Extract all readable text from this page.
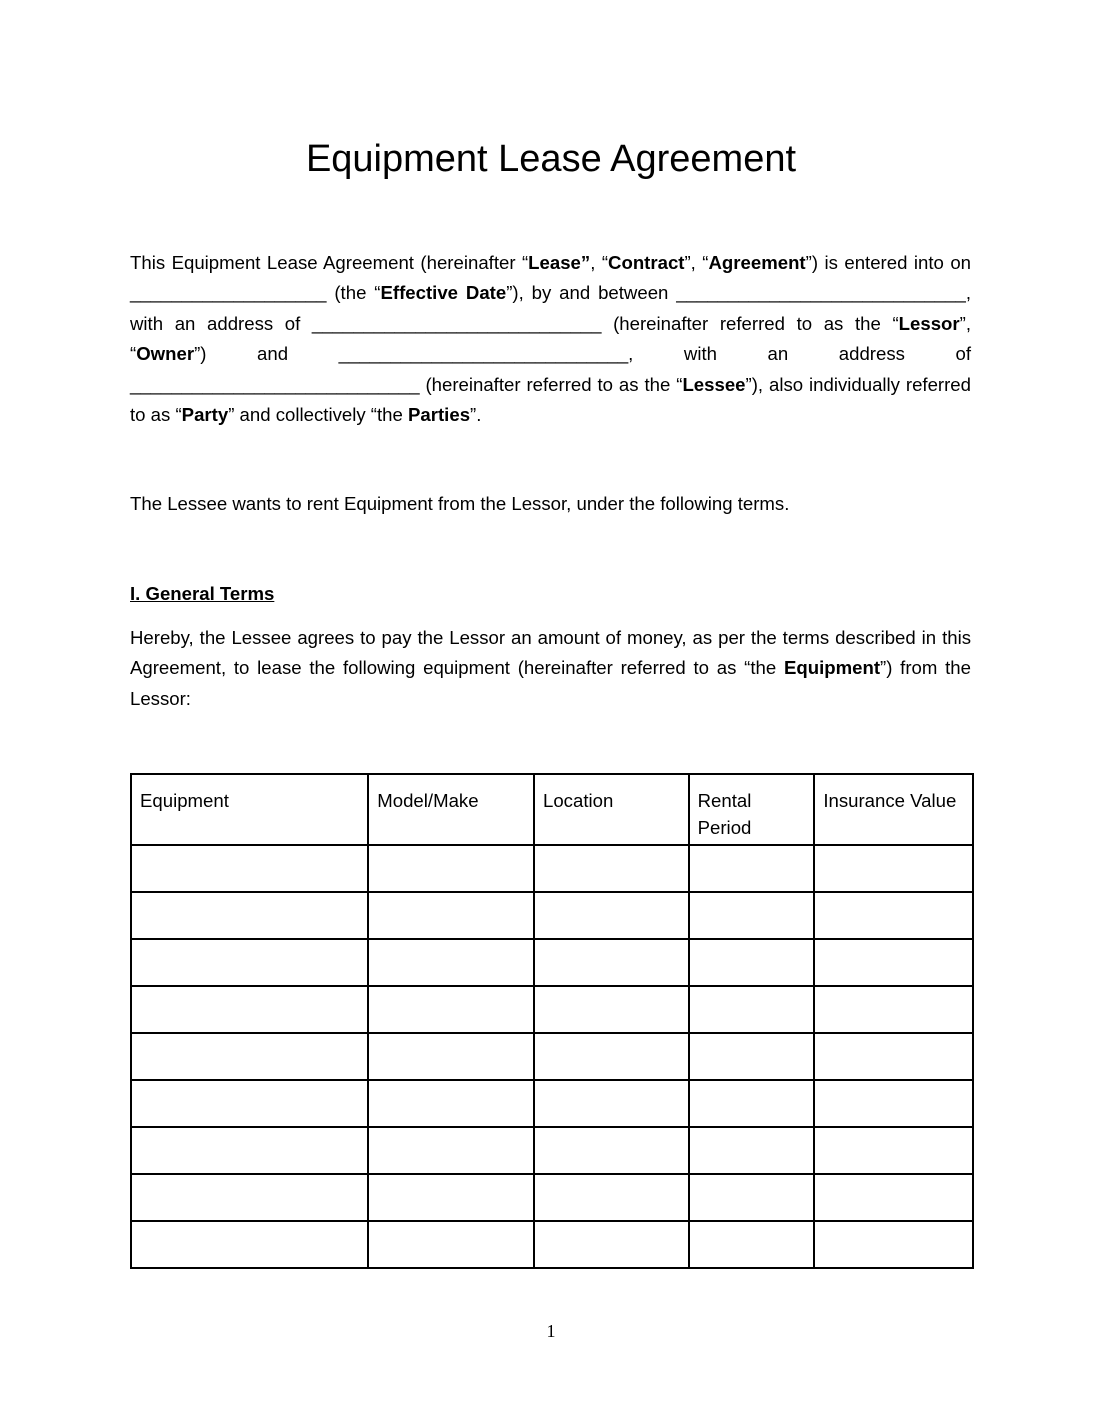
Equipment Lease Agreement

This Equipment Lease Agreement (hereinafter “Lease”, “Contract”, “Agreement”) is entered into on ___________________ (the “Effective Date”), by and between ____________________________, with an address of ____________________________ (hereinafter referred to as the “Lessor”, “Owner”) and ____________________________, with an address of ____________________________ (hereinafter referred to as the “Lessee”), also individually referred to as “Party” and collectively “the Parties”.

The Lessee wants to rent Equipment from the Lessor, under the following terms.

I. General Terms

Hereby, the Lessee agrees to pay the Lessor an amount of money, as per the terms described in this Agreement, to lease the following equipment (hereinafter referred to as “the Equipment”) from the Lessor:

Equipment	Model/Make	Location	Rental Period	Insurance Value

1
